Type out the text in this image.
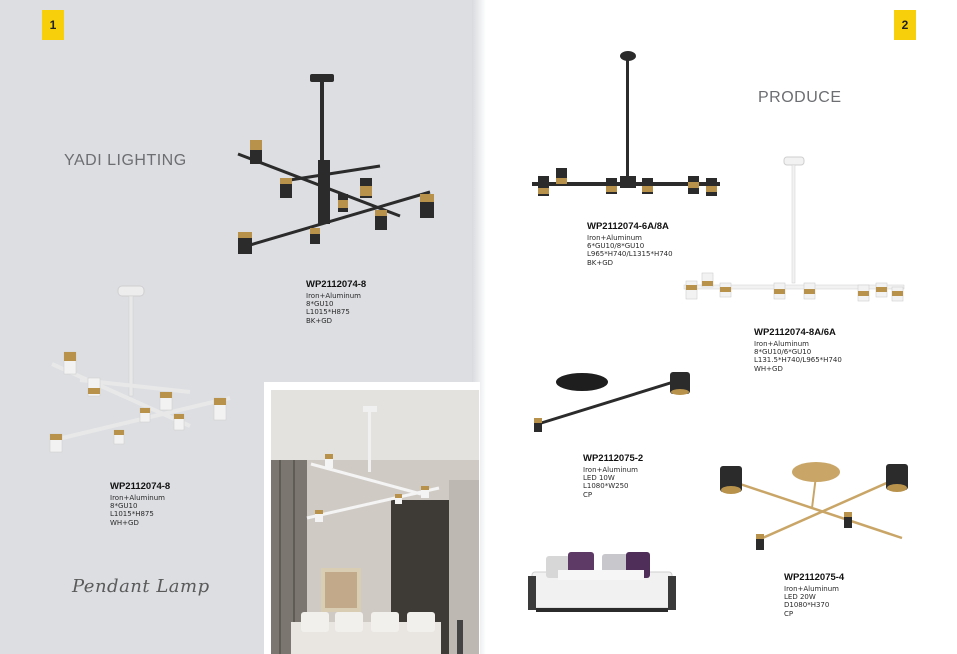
1	2
YADI LIGHTING
PRODUCE
Pendant Lamp
WP2112074-8
Iron+Aluminum
8*GU10
L1015*H875
BK+GD
WP2112074-8
Iron+Aluminum
8*GU10
L1015*H875
WH+GD
WP2112074-6A/8A
Iron+Aluminum
6*GU10/8*GU10
L965*H740/L1315*H740
BK+GD
WP2112074-8A/6A
Iron+Aluminum
8*GU10/6*GU10
L131.5*H740/L965*H740
WH+GD
WP2112075-2
Iron+Aluminum
LED 10W
L1080*W250
CP
WP2112075-4
Iron+Aluminum
LED 20W
D1080*H370
CP
